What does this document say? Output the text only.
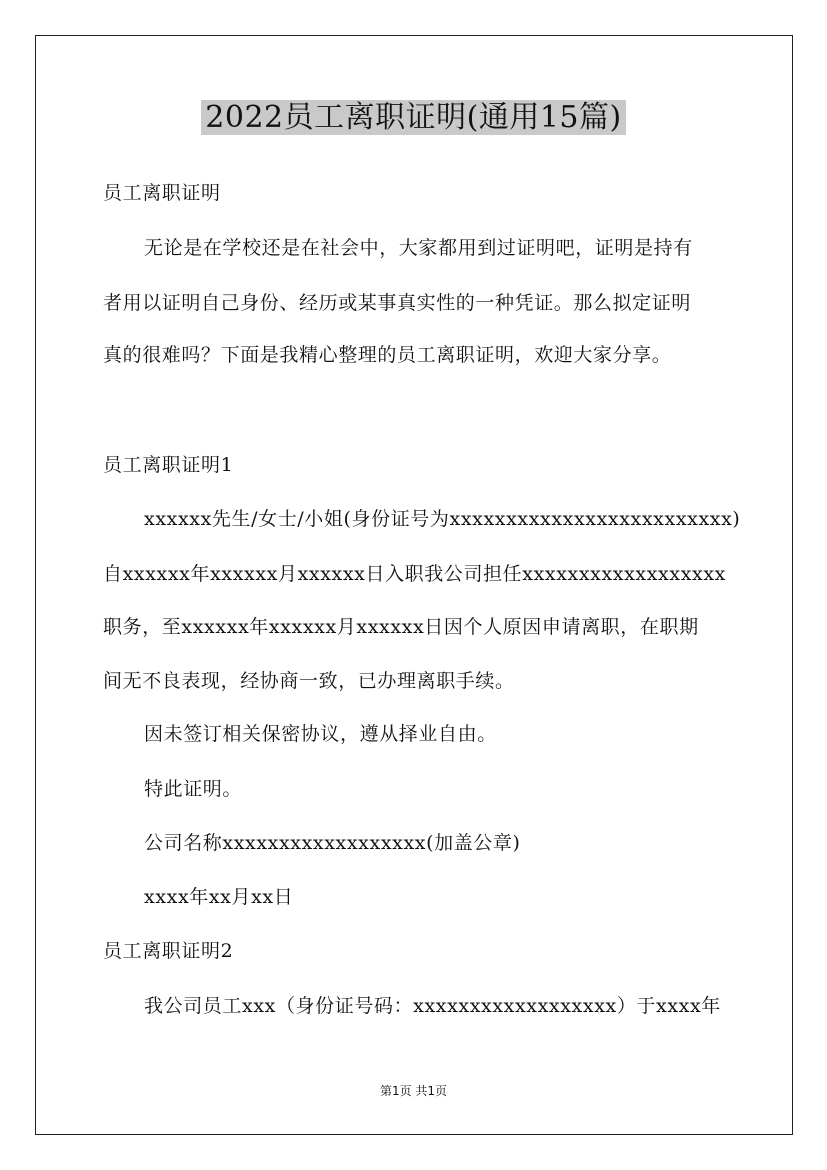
2022员工离职证明(通用15篇)
员工离职证明
无论是在学校还是在社会中，大家都用到过证明吧，证明是持有
者用以证明自己身份、经历或某事真实性的一种凭证。那么拟定证明
真的很难吗？下面是我精心整理的员工离职证明，欢迎大家分享。
员工离职证明1
xxxxxx先生/女士/小姐(身份证号为xxxxxxxxxxxxxxxxxxxxxxxxx)
自xxxxxx年xxxxxx月xxxxxx日入职我公司担任xxxxxxxxxxxxxxxxxx
职务，至xxxxxx年xxxxxx月xxxxxx日因个人原因申请离职，在职期
间无不良表现，经协商一致，已办理离职手续。
因未签订相关保密协议，遵从择业自由。
特此证明。
公司名称xxxxxxxxxxxxxxxxxx(加盖公章)
xxxx年xx月xx日
员工离职证明2
我公司员工xxx（身份证号码：xxxxxxxxxxxxxxxxxx）于xxxx年
第1页 共1页
